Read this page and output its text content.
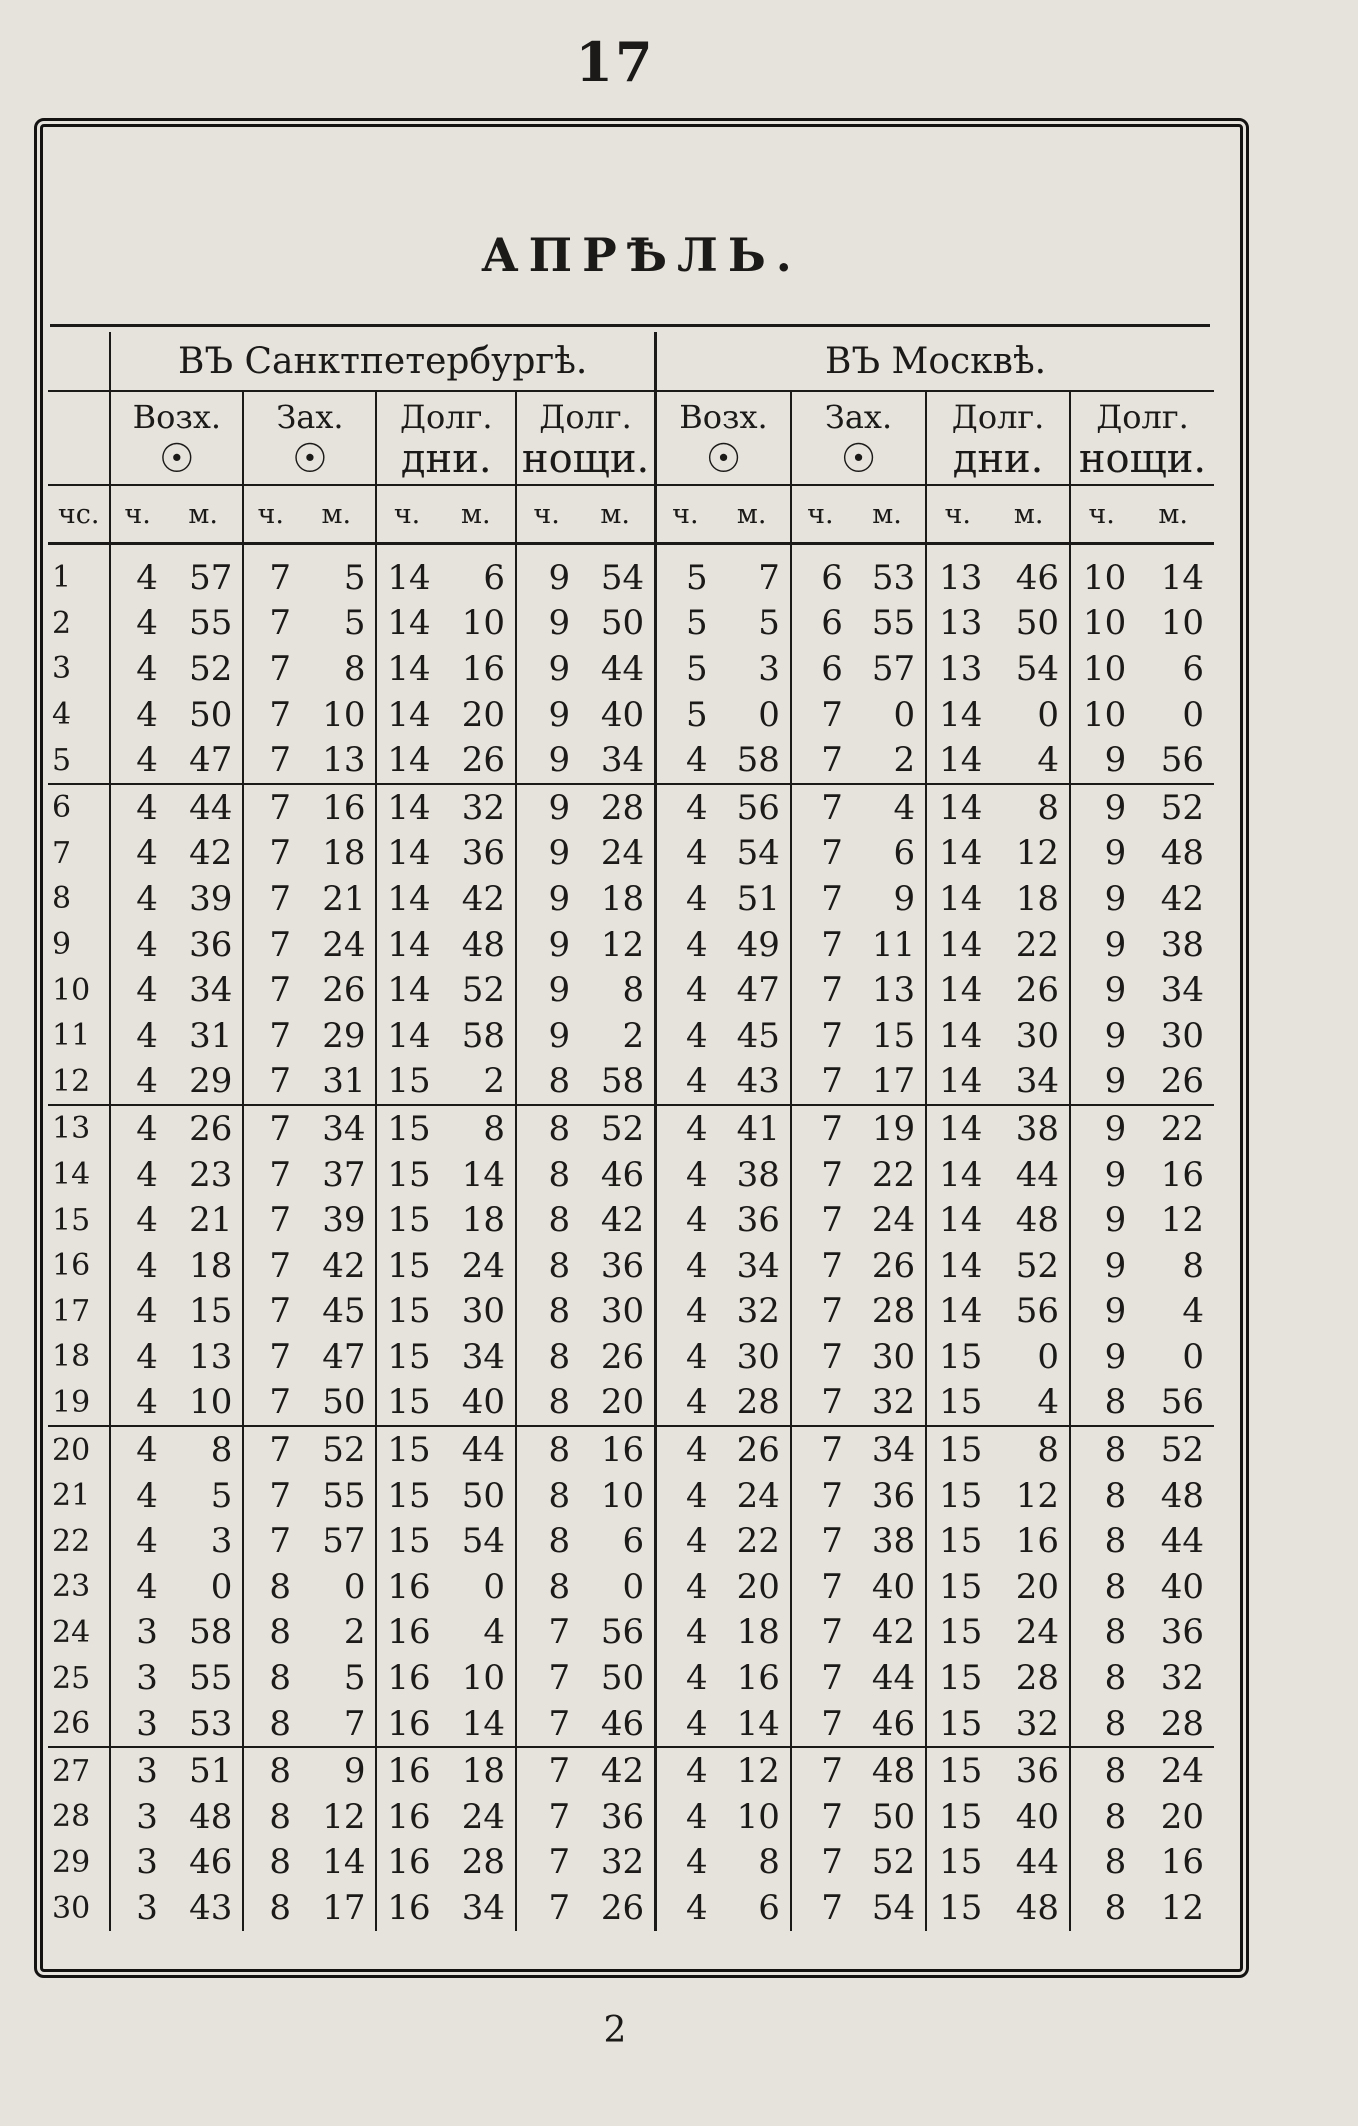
17
АПРѢЛЬ.
	ВЪ Санктпетербургѣ.								ВЪ Москвѣ.							
	Возх.
☉		Зах.
☉		Долг.
дни.		Долг.
нощи.		Возх.
☉		Зах.
☉		Долг.
дни.		Долг.
нощи.	

чс.	ч.	м.	ч.	м.	ч.	м.	ч.	м.	ч.	м.	ч.	м.	ч.	м.	ч.	м.
1	4	57	7	5	14	6	9	54	5	7	6	53	13	46	10	14
2	4	55	7	5	14	10	9	50	5	5	6	55	13	50	10	10
3	4	52	7	8	14	16	9	44	5	3	6	57	13	54	10	6
4	4	50	7	10	14	20	9	40	5	0	7	0	14	0	10	0
5	4	47	7	13	14	26	9	34	4	58	7	2	14	4	9	56
6	4	44	7	16	14	32	9	28	4	56	7	4	14	8	9	52
7	4	42	7	18	14	36	9	24	4	54	7	6	14	12	9	48
8	4	39	7	21	14	42	9	18	4	51	7	9	14	18	9	42
9	4	36	7	24	14	48	9	12	4	49	7	11	14	22	9	38
10	4	34	7	26	14	52	9	8	4	47	7	13	14	26	9	34
11	4	31	7	29	14	58	9	2	4	45	7	15	14	30	9	30
12	4	29	7	31	15	2	8	58	4	43	7	17	14	34	9	26
13	4	26	7	34	15	8	8	52	4	41	7	19	14	38	9	22
14	4	23	7	37	15	14	8	46	4	38	7	22	14	44	9	16
15	4	21	7	39	15	18	8	42	4	36	7	24	14	48	9	12
16	4	18	7	42	15	24	8	36	4	34	7	26	14	52	9	8
17	4	15	7	45	15	30	8	30	4	32	7	28	14	56	9	4
18	4	13	7	47	15	34	8	26	4	30	7	30	15	0	9	0
19	4	10	7	50	15	40	8	20	4	28	7	32	15	4	8	56
20	4	8	7	52	15	44	8	16	4	26	7	34	15	8	8	52
21	4	5	7	55	15	50	8	10	4	24	7	36	15	12	8	48
22	4	3	7	57	15	54	8	6	4	22	7	38	15	16	8	44
23	4	0	8	0	16	0	8	0	4	20	7	40	15	20	8	40
24	3	58	8	2	16	4	7	56	4	18	7	42	15	24	8	36
25	3	55	8	5	16	10	7	50	4	16	7	44	15	28	8	32
26	3	53	8	7	16	14	7	46	4	14	7	46	15	32	8	28
27	3	51	8	9	16	18	7	42	4	12	7	48	15	36	8	24
28	3	48	8	12	16	24	7	36	4	10	7	50	15	40	8	20
29	3	46	8	14	16	28	7	32	4	8	7	52	15	44	8	16
30	3	43	8	17	16	34	7	26	4	6	7	54	15	48	8	12
2
